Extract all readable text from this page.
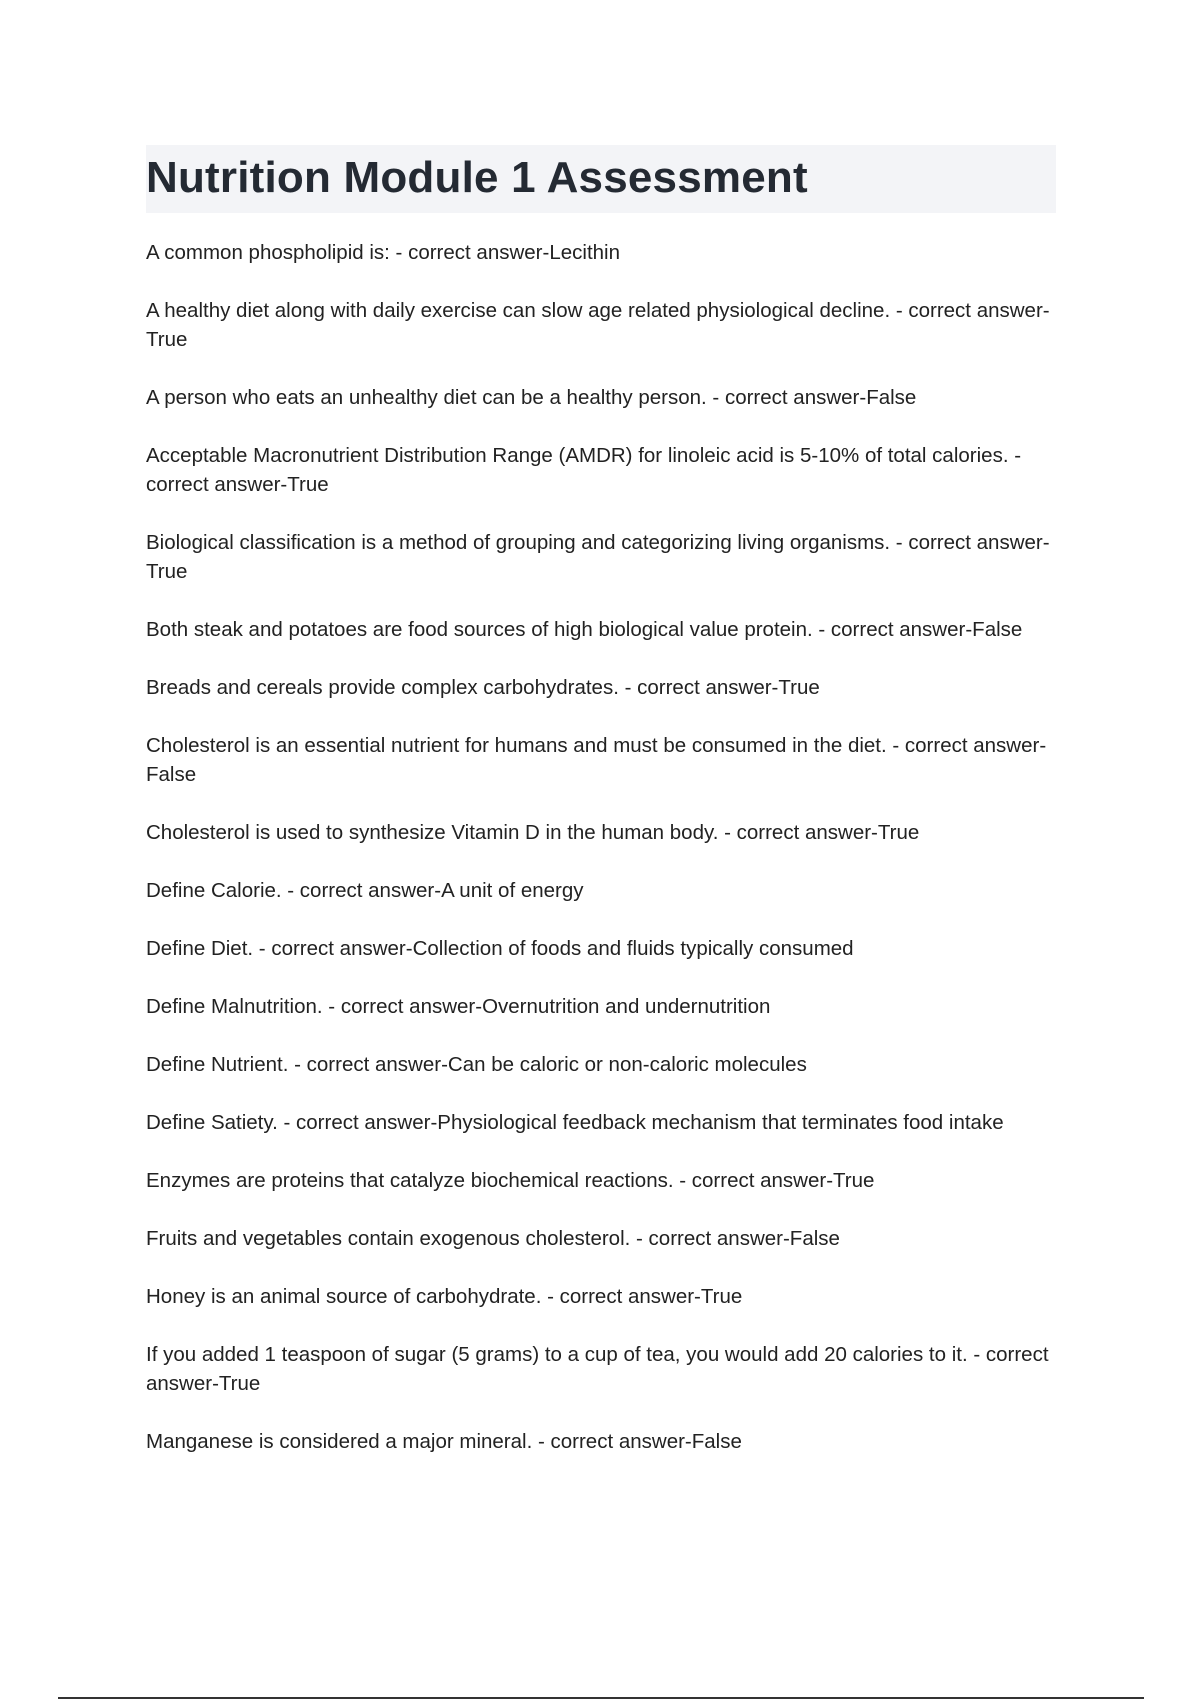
Nutrition Module 1 Assessment
A common phospholipid is: - correct answer-Lecithin
A healthy diet along with daily exercise can slow age related physiological decline. - correct answer-True
A person who eats an unhealthy diet can be a healthy person. - correct answer-False
Acceptable Macronutrient Distribution Range (AMDR) for linoleic acid is 5-10% of total calories. - correct answer-True
Biological classification is a method of grouping and categorizing living organisms. - correct answer-True
Both steak and potatoes are food sources of high biological value protein. - correct answer-False
Breads and cereals provide complex carbohydrates. - correct answer-True
Cholesterol is an essential nutrient for humans and must be consumed in the diet. - correct answer-False
Cholesterol is used to synthesize Vitamin D in the human body. - correct answer-True
Define Calorie. - correct answer-A unit of energy
Define Diet. - correct answer-Collection of foods and fluids typically consumed
Define Malnutrition. - correct answer-Overnutrition and undernutrition
Define Nutrient. - correct answer-Can be caloric or non-caloric molecules
Define Satiety. - correct answer-Physiological feedback mechanism that terminates food intake
Enzymes are proteins that catalyze biochemical reactions. - correct answer-True
Fruits and vegetables contain exogenous cholesterol. - correct answer-False
Honey is an animal source of carbohydrate. - correct answer-True
If you added 1 teaspoon of sugar (5 grams) to a cup of tea, you would add 20 calories to it. - correct answer-True
Manganese is considered a major mineral. - correct answer-False
